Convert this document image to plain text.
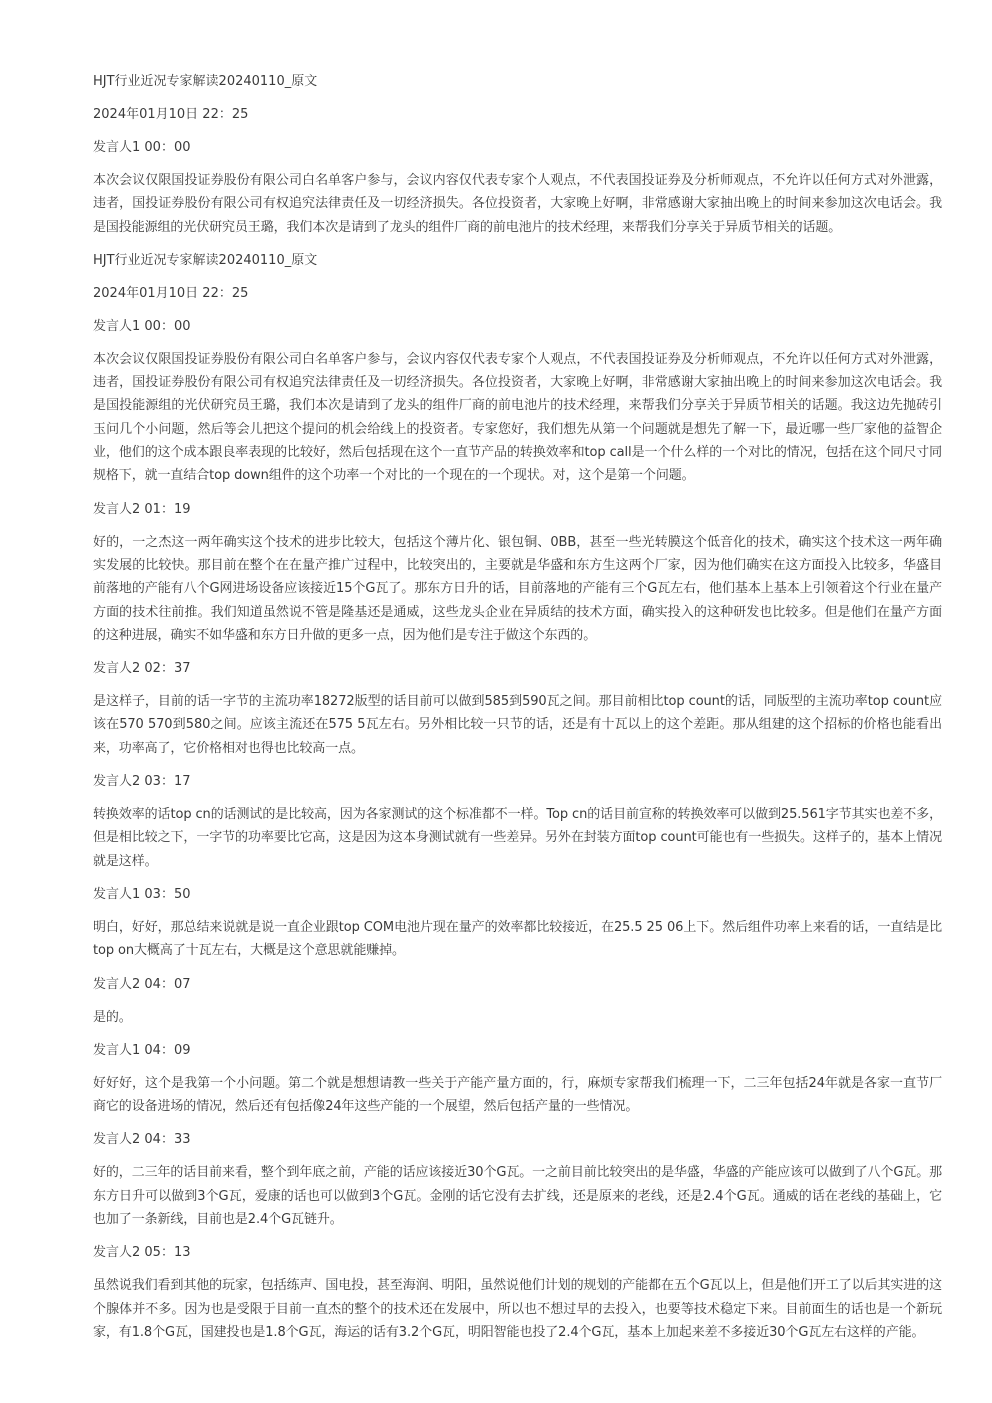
HJT行业近况专家解读20240110_原文

2024年01月10日 22：25

发言人1 00：00

本次会议仅限国投证券股份有限公司白名单客户参与，会议内容仅代表专家个人观点，不代表国投证券及分析师观点，不允许以任何方式对外泄露，违者，国投证券股份有限公司有权追究法律责任及一切经济损失。各位投资者，大家晚上好啊，非常感谢大家抽出晚上的时间来参加这次电话会。我是国投能源组的光伏研究员王璐，我们本次是请到了龙头的组件厂商的前电池片的技术经理，来帮我们分享关于异质节相关的话题。

HJT行业近况专家解读20240110_原文

2024年01月10日 22：25

发言人1 00：00

本次会议仅限国投证券股份有限公司白名单客户参与，会议内容仅代表专家个人观点，不代表国投证券及分析师观点，不允许以任何方式对外泄露，违者，国投证券股份有限公司有权追究法律责任及一切经济损失。各位投资者，大家晚上好啊，非常感谢大家抽出晚上的时间来参加这次电话会。我是国投能源组的光伏研究员王璐，我们本次是请到了龙头的组件厂商的前电池片的技术经理，来帮我们分享关于异质节相关的话题。我这边先抛砖引玉问几个小问题，然后等会儿把这个提问的机会给线上的投资者。专家您好，我们想先从第一个问题就是想先了解一下，最近哪一些厂家他的益智企业，他们的这个成本跟良率表现的比较好，然后包括现在这个一直节产品的转换效率和top call是一个什么样的一个对比的情况，包括在这个同尺寸同规格下，就一直结合top down组件的这个功率一个对比的一个现在的一个现状。对，这个是第一个问题。

发言人2 01：19

好的，一之杰这一两年确实这个技术的进步比较大，包括这个薄片化、银包铜、0BB，甚至一些光转膜这个低音化的技术，确实这个技术这一两年确实发展的比较快。那目前在整个在在量产推广过程中，比较突出的，主要就是华盛和东方生这两个厂家，因为他们确实在这方面投入比较多，华盛目前落地的产能有八个G网进场设备应该接近15个G瓦了。那东方日升的话，目前落地的产能有三个G瓦左右，他们基本上基本上引领着这个行业在量产方面的技术往前推。我们知道虽然说不管是隆基还是通威，这些龙头企业在异质结的技术方面，确实投入的这种研发也比较多。但是他们在量产方面的这种进展，确实不如华盛和东方日升做的更多一点，因为他们是专注于做这个东西的。

发言人2 02：37

是这样子，目前的话一字节的主流功率18272版型的话目前可以做到585到590瓦之间。那目前相比top count的话，同版型的主流功率top count应该在570 570到580之间。应该主流还在575 5瓦左右。另外相比较一只节的话，还是有十瓦以上的这个差距。那从组建的这个招标的价格也能看出来，功率高了，它价格相对也得也比较高一点。

发言人2 03：17

转换效率的话top cn的话测试的是比较高，因为各家测试的这个标准都不一样。Top cn的话目前宣称的转换效率可以做到25.561字节其实也差不多，但是相比较之下，一字节的功率要比它高，这是因为这本身测试就有一些差异。另外在封装方面top count可能也有一些损失。这样子的，基本上情况就是这样。

发言人1 03：50

明白，好好，那总结来说就是说一直企业跟top COM电池片现在量产的效率都比较接近，在25.5 25 06上下。然后组件功率上来看的话，一直结是比top on大概高了十瓦左右，大概是这个意思就能赚掉。

发言人2 04：07

是的。

发言人1 04：09

好好好，这个是我第一个小问题。第二个就是想想请教一些关于产能产量方面的，行，麻烦专家帮我们梳理一下，二三年包括24年就是各家一直节厂商它的设备进场的情况，然后还有包括像24年这些产能的一个展望，然后包括产量的一些情况。

发言人2 04：33

好的，二三年的话目前来看，整个到年底之前，产能的话应该接近30个G瓦。一之前目前比较突出的是华盛，华盛的产能应该可以做到了八个G瓦。那东方日升可以做到3个G瓦，爱康的话也可以做到3个G瓦。金刚的话它没有去扩线，还是原来的老线，还是2.4个G瓦。通威的话在老线的基础上，它也加了一条新线，目前也是2.4个G瓦链升。

发言人2 05：13

虽然说我们看到其他的玩家，包括练声、国电投，甚至海润、明阳，虽然说他们计划的规划的产能都在五个G瓦以上，但是他们开工了以后其实进的这个腺体并不多。因为也是受限于目前一直杰的整个的技术还在发展中，所以也不想过早的去投入，也要等技术稳定下来。目前面生的话也是一个新玩家，有1.8个G瓦，国建投也是1.8个G瓦，海运的话有3.2个G瓦，明阳智能也投了2.4个G瓦，基本上加起来差不多接近30个G瓦左右这样的产能。
